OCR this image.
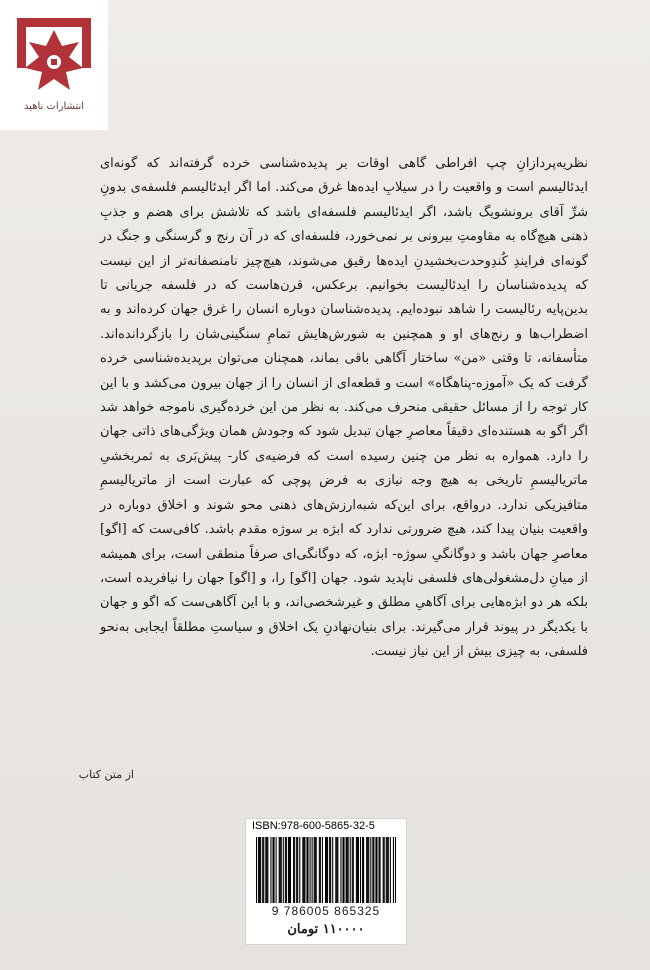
انتشارات ناهید

نظریه‌پردازانِ چپ افراطی گاهی اوقات بر پدیده‌شناسی خرده گرفته‌اند که گونه‌ای ایدئالیسم است و واقعیت را در سیلابِ ایده‌ها غرق می‌کند. اما اگر ایدئالیسم فلسفه‌ی بدونِ شرِّ آقای برونشویگ باشد، اگر ایدئالیسم فلسفه‌ای باشد که تلاشش برای هضم و جذبِ ذهنی هیچ‌گاه به مقاومتِ بیرونی بر نمی‌خورد، فلسفه‌ای که در آن رنج و گرسنگی و جنگ در گونه‌ای فرایندِ کُندِوحدت‌بخشیدنِ ایده‌ها رقیق می‌شوند، هیچ‌چیز نامنصفانه‌تر از این نیست که پدیده‌شناسان را ایدئالیست بخوانیم. برعکس، قرن‌هاست که در فلسفه جریانی تا بدین‌پایه رئالیست را شاهد نبوده‌ایم. پدیده‌شناسان دوباره انسان را غرق جهان کرده‌اند و به اضطراب‌ها و رنج‌های او و همچنین به شورش‌هایش تمامِ سنگینی‌شان را بازگردانده‌اند. متأسفانه، تا وقتی «من» ساختار آگاهی باقی بماند، همچنان می‌توان برپدیده‌شناسی خرده گرفت که یک «آموزه-پناهگاه» است و قطعه‌ای از انسان را از جهان بیرون می‌کشد و با این کار توجه را از مسائل حقیقی منحرف می‌کند. به نظر من این خرده‌گیری ناموجه خواهد شد اگر اگو به هستنده‌ای دقیقاً معاصرِ جهان تبدیل شود که وجودش همان ویژگی‌های ذاتی جهان را دارد. همواره به نظر من چنین رسیده است که فرضیه‌ی کار- پیش‌بَری به ثمربخشیِ ماتریالیسمِ تاریخی به هیچ وجه نیازی به فرض پوچی که عبارت است از ماتریالیسمِ متافیزیکی ندارد. درواقع، برای این‌که شبه‌ارزش‌های ذهنی محو شوند و اخلاق دوباره در واقعیت بنیان پیدا کند، هیچ ضرورتی ندارد که ابژه بر سوژه مقدم باشد. کافی‌ست که [اگو] معاصرِ جهان باشد و دوگانگیِ سوژه- ابژه، که دوگانگی‌ای صرفاً منطقی است، برای همیشه از میانِ دل‌مشغولی‌های فلسفی ناپدید شود. جهان [اگو] را، و [اگو] جهان را نیافریده است، بلکه هر دو ابژه‌هایی برای آگاهیِ مطلق و غیرشخصی‌اند، و با این آگاهی‌ست که اگو و جهان با یکدیگر در پیوند قرار می‌گیرند. برای بنیان‌نهادنِ یک اخلاق و سیاستِ مطلقاً ایجابی به‌نحو فلسفی، به چیزی بیش از این نیاز نیست.

از متن کتاب
ISBN:978-600-5865-32-5
9 786005 865325
۱۱۰۰۰۰ تومان
